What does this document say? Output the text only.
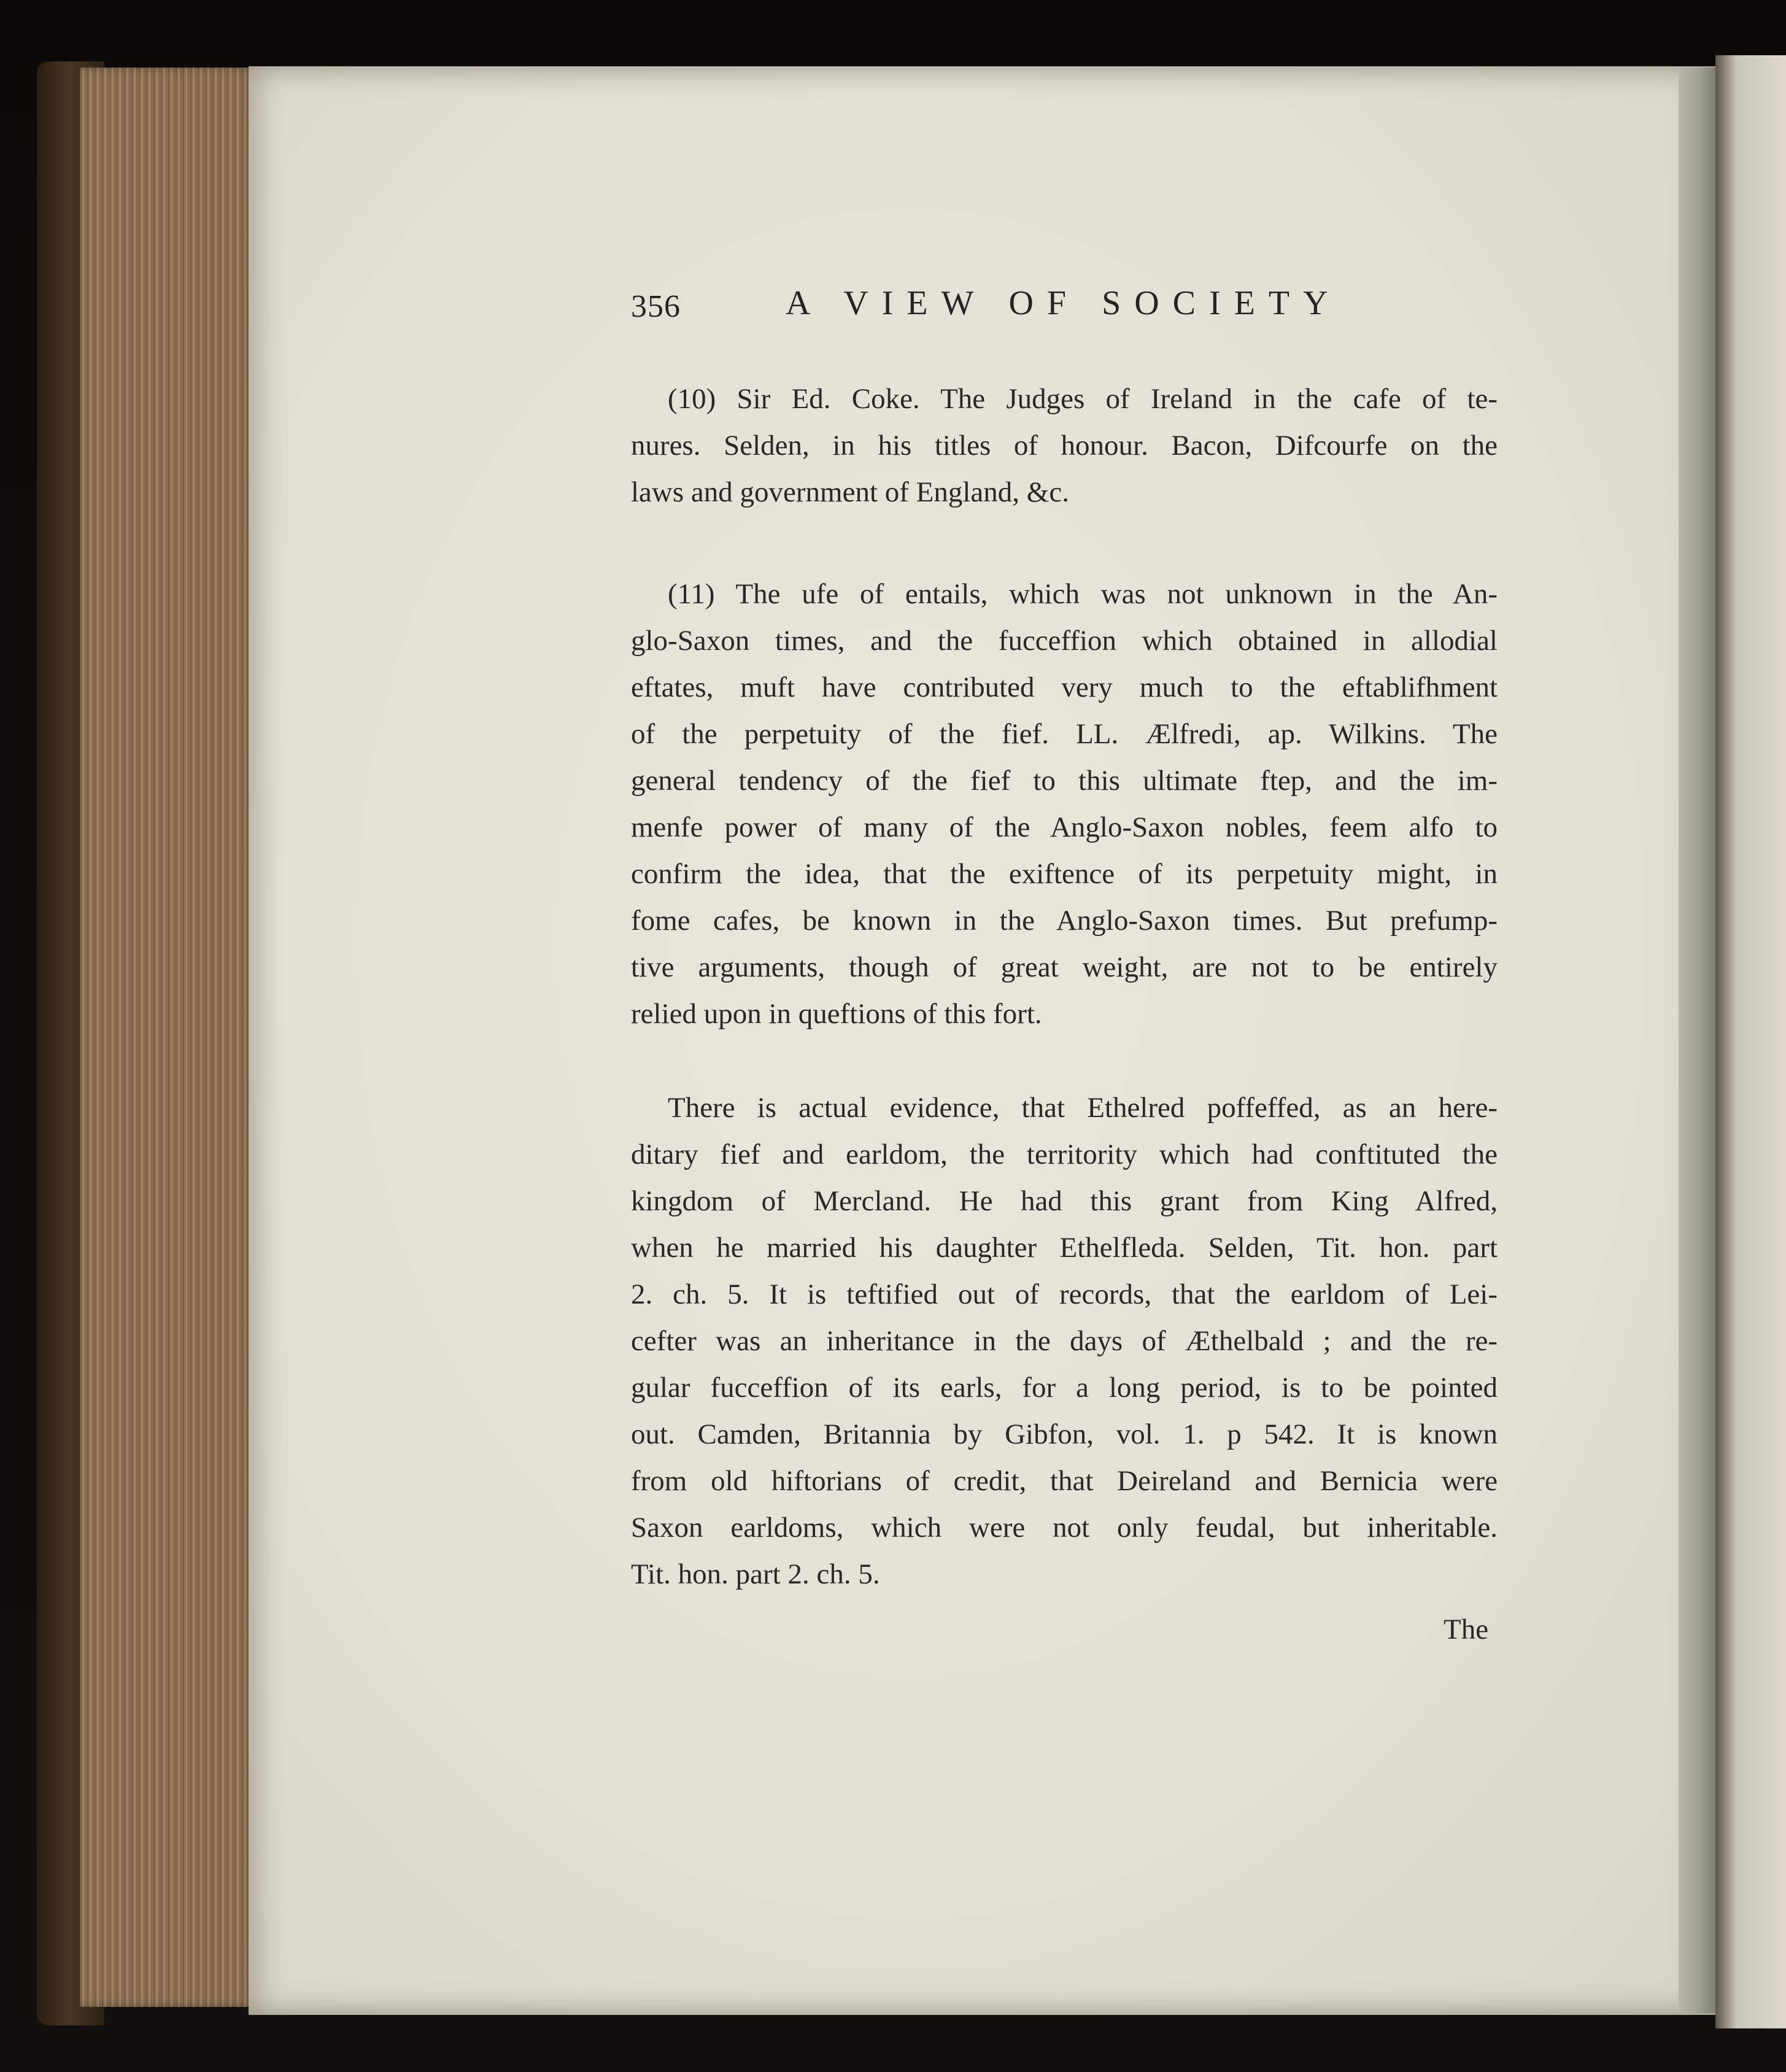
356	A VIEW OF SOCIETY
(10) Sir Ed. Coke. The Judges of Ireland in the cafe of te-
nures. Selden, in his titles of honour. Bacon, Difcourfe on the
laws and government of England, &c.
(11) The ufe of entails, which was not unknown in the An-
glo-Saxon times, and the fucceffion which obtained in allodial
eftates, muft have contributed very much to the eftablifhment
of the perpetuity of the fief. LL. Ælfredi, ap. Wilkins. The
general tendency of the fief to this ultimate ftep, and the im-
menfe power of many of the Anglo-Saxon nobles, feem alfo to
confirm the idea, that the exiftence of its perpetuity might, in
fome cafes, be known in the Anglo-Saxon times. But prefump-
tive arguments, though of great weight, are not to be entirely
relied upon in queftions of this fort.
There is actual evidence, that Ethelred poffeffed, as an here-
ditary fief and earldom, the territority which had conftituted the
kingdom of Mercland. He had this grant from King Alfred,
when he married his daughter Ethelfleda. Selden, Tit. hon. part
2. ch. 5. It is teftified out of records, that the earldom of Lei-
cefter was an inheritance in the days of Æthelbald ; and the re-
gular fucceffion of its earls, for a long period, is to be pointed
out. Camden, Britannia by Gibfon, vol. 1. p 542. It is known
from old hiftorians of credit, that Deireland and Bernicia were
Saxon earldoms, which were not only feudal, but inheritable.
Tit. hon. part 2. ch. 5.
The
